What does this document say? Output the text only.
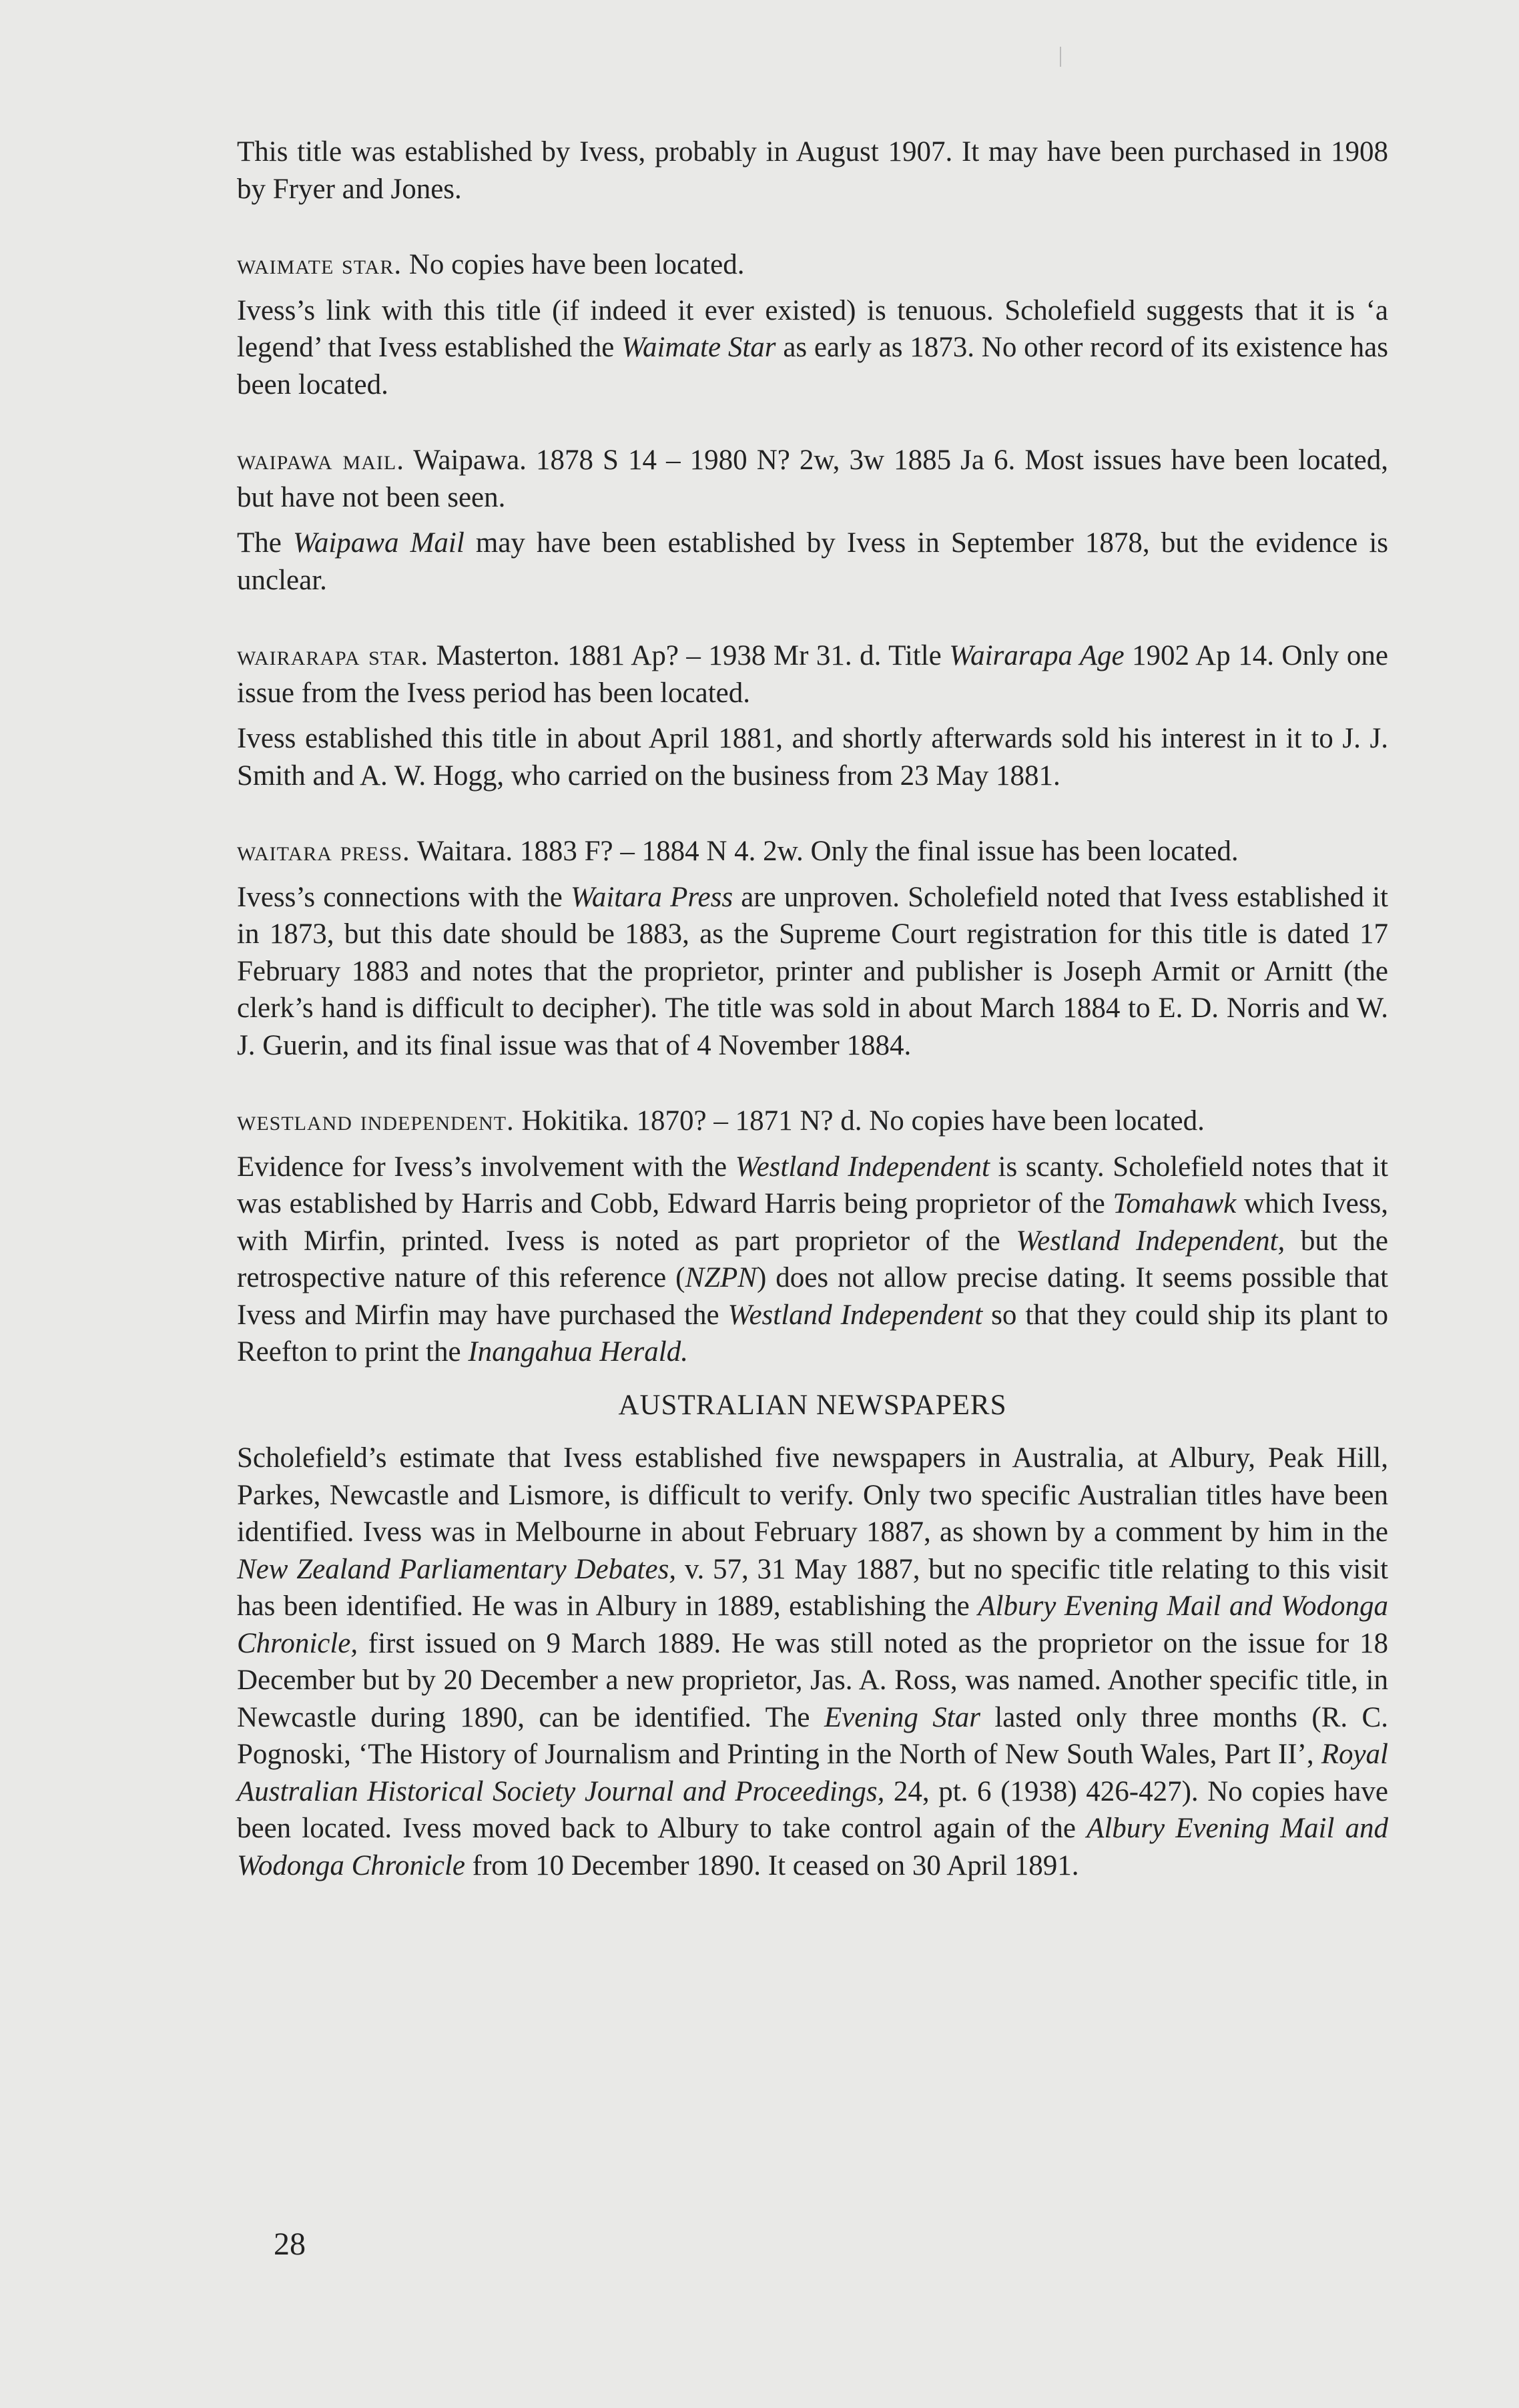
This title was established by Ivess, probably in August 1907. It may have been purchased in 1908 by Fryer and Jones.

waimate star. No copies have been located.

Ivess’s link with this title (if indeed it ever existed) is tenuous. Scholefield suggests that it is ‘a legend’ that Ivess established the Waimate Star as early as 1873. No other record of its existence has been located.

waipawa mail. Waipawa. 1878 S 14 – 1980 N? 2w, 3w 1885 Ja 6. Most issues have been located, but have not been seen.

The Waipawa Mail may have been established by Ivess in September 1878, but the evidence is unclear.

wairarapa star. Masterton. 1881 Ap? – 1938 Mr 31. d. Title Wairarapa Age 1902 Ap 14. Only one issue from the Ivess period has been located.

Ivess established this title in about April 1881, and shortly afterwards sold his interest in it to J. J. Smith and A. W. Hogg, who carried on the business from 23 May 1881.

waitara press. Waitara. 1883 F? – 1884 N 4. 2w. Only the final issue has been located.

Ivess’s connections with the Waitara Press are unproven. Scholefield noted that Ivess established it in 1873, but this date should be 1883, as the Supreme Court registration for this title is dated 17 February 1883 and notes that the proprietor, printer and publisher is Joseph Armit or Arnitt (the clerk’s hand is difficult to decipher). The title was sold in about March 1884 to E. D. Norris and W. J. Guerin, and its final issue was that of 4 November 1884.

westland independent. Hokitika. 1870? – 1871 N? d. No copies have been located.

Evidence for Ivess’s involvement with the Westland Independent is scanty. Scholefield notes that it was established by Harris and Cobb, Edward Harris being proprietor of the Tomahawk which Ivess, with Mirfin, printed. Ivess is noted as part proprietor of the Westland Independent, but the retrospective nature of this reference (NZPN) does not allow precise dating. It seems possible that Ivess and Mirfin may have purchased the Westland Independent so that they could ship its plant to Reefton to print the Inangahua Herald.

AUSTRALIAN NEWSPAPERS

Scholefield’s estimate that Ivess established five newspapers in Australia, at Albury, Peak Hill, Parkes, Newcastle and Lismore, is difficult to verify. Only two specific Australian titles have been identified. Ivess was in Melbourne in about February 1887, as shown by a comment by him in the New Zealand Parliamentary Debates, v. 57, 31 May 1887, but no specific title relating to this visit has been identified. He was in Albury in 1889, establishing the Albury Evening Mail and Wodonga Chronicle, first issued on 9 March 1889. He was still noted as the proprietor on the issue for 18 December but by 20 December a new proprietor, Jas. A. Ross, was named. Another specific title, in Newcastle during 1890, can be identified. The Evening Star lasted only three months (R. C. Pognoski, ‘The History of Journalism and Printing in the North of New South Wales, Part II’, Royal Australian Historical Society Journal and Proceedings, 24, pt. 6 (1938) 426-427). No copies have been located. Ivess moved back to Albury to take control again of the Albury Evening Mail and Wodonga Chronicle from 10 December 1890. It ceased on 30 April 1891.

28
